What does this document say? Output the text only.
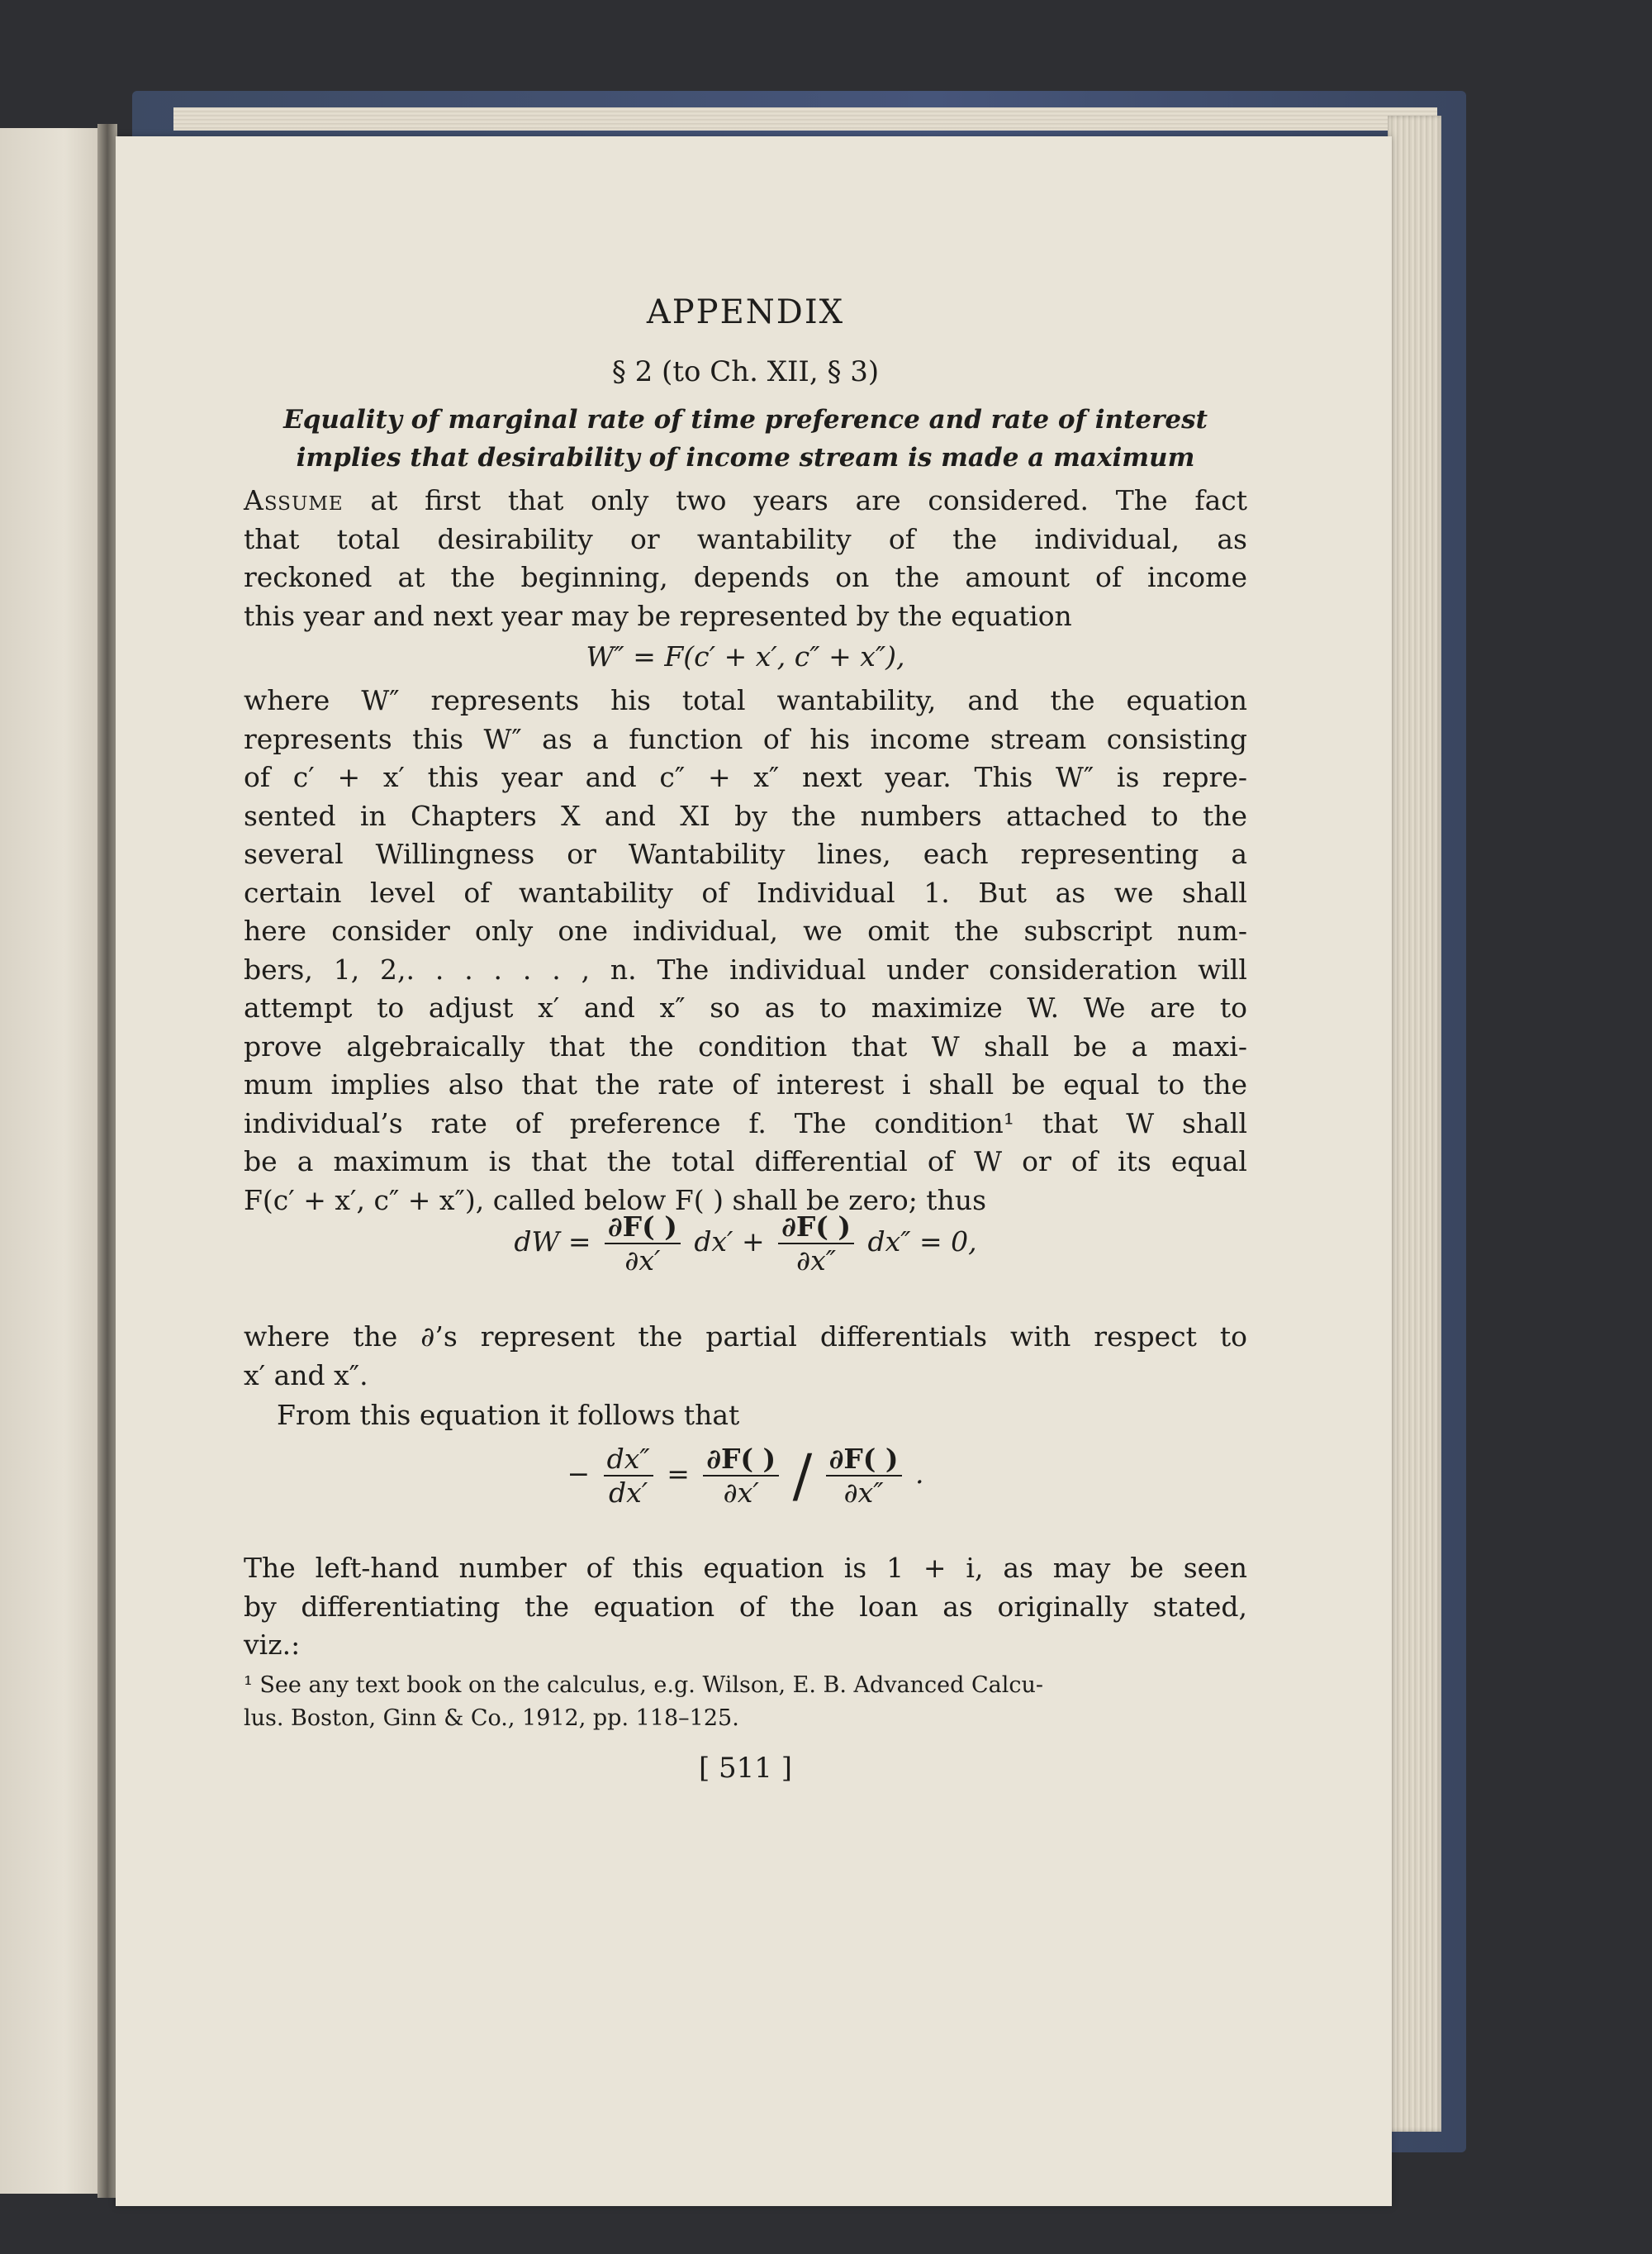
APPENDIX
§ 2 (to Ch. XII, § 3)
Equality of marginal rate of time preference and rate of interest
implies that desirability of income stream is made a maximum
Assume at first that only two years are considered. The fact
that total desirability or wantability of the individual, as
reckoned at the beginning, depends on the amount of income
this year and next year may be represented by the equation
W″ = F(c′ + x′, c″ + x″),
where W″ represents his total wantability, and the equation
represents this W″ as a function of his income stream consisting
of c′ + x′ this year and c″ + x″ next year. This W″ is repre-
sented in Chapters X and XI by the numbers attached to the
several Willingness or Wantability lines, each representing a
certain level of wantability of Individual 1. But as we shall
here consider only one individual, we omit the subscript num-
bers, 1, 2,. . . . . . , n. The individual under consideration will
attempt to adjust x′ and x″ so as to maximize W. We are to
prove algebraically that the condition that W shall be a maxi-
mum implies also that the rate of interest i shall be equal to the
individual’s rate of preference f. The condition¹ that W shall
be a maximum is that the total differential of W or of its equal
F(c′ + x′, c″ + x″), called below F( ) shall be zero; thus
dW = $\frac{\partial F( )}{\partial x'} dx' + \frac{\partial F( )}{\partial x''} dx'' = 0$,
where the ∂’s represent the partial differentials with respect to
x′ and x″.
From this equation it follows that
− $\frac{dx''}{dx'} = \frac{\partial F( )}{\partial x'} / \frac{\partial F( )}{\partial x''}$ .
The left-hand number of this equation is 1 + i, as may be seen
by differentiating the equation of the loan as originally stated,
viz.:
¹ See any text book on the calculus, e.g. Wilson, E. B. Advanced Calcu-
lus. Boston, Ginn & Co., 1912, pp. 118–125.
[ 511 ]
